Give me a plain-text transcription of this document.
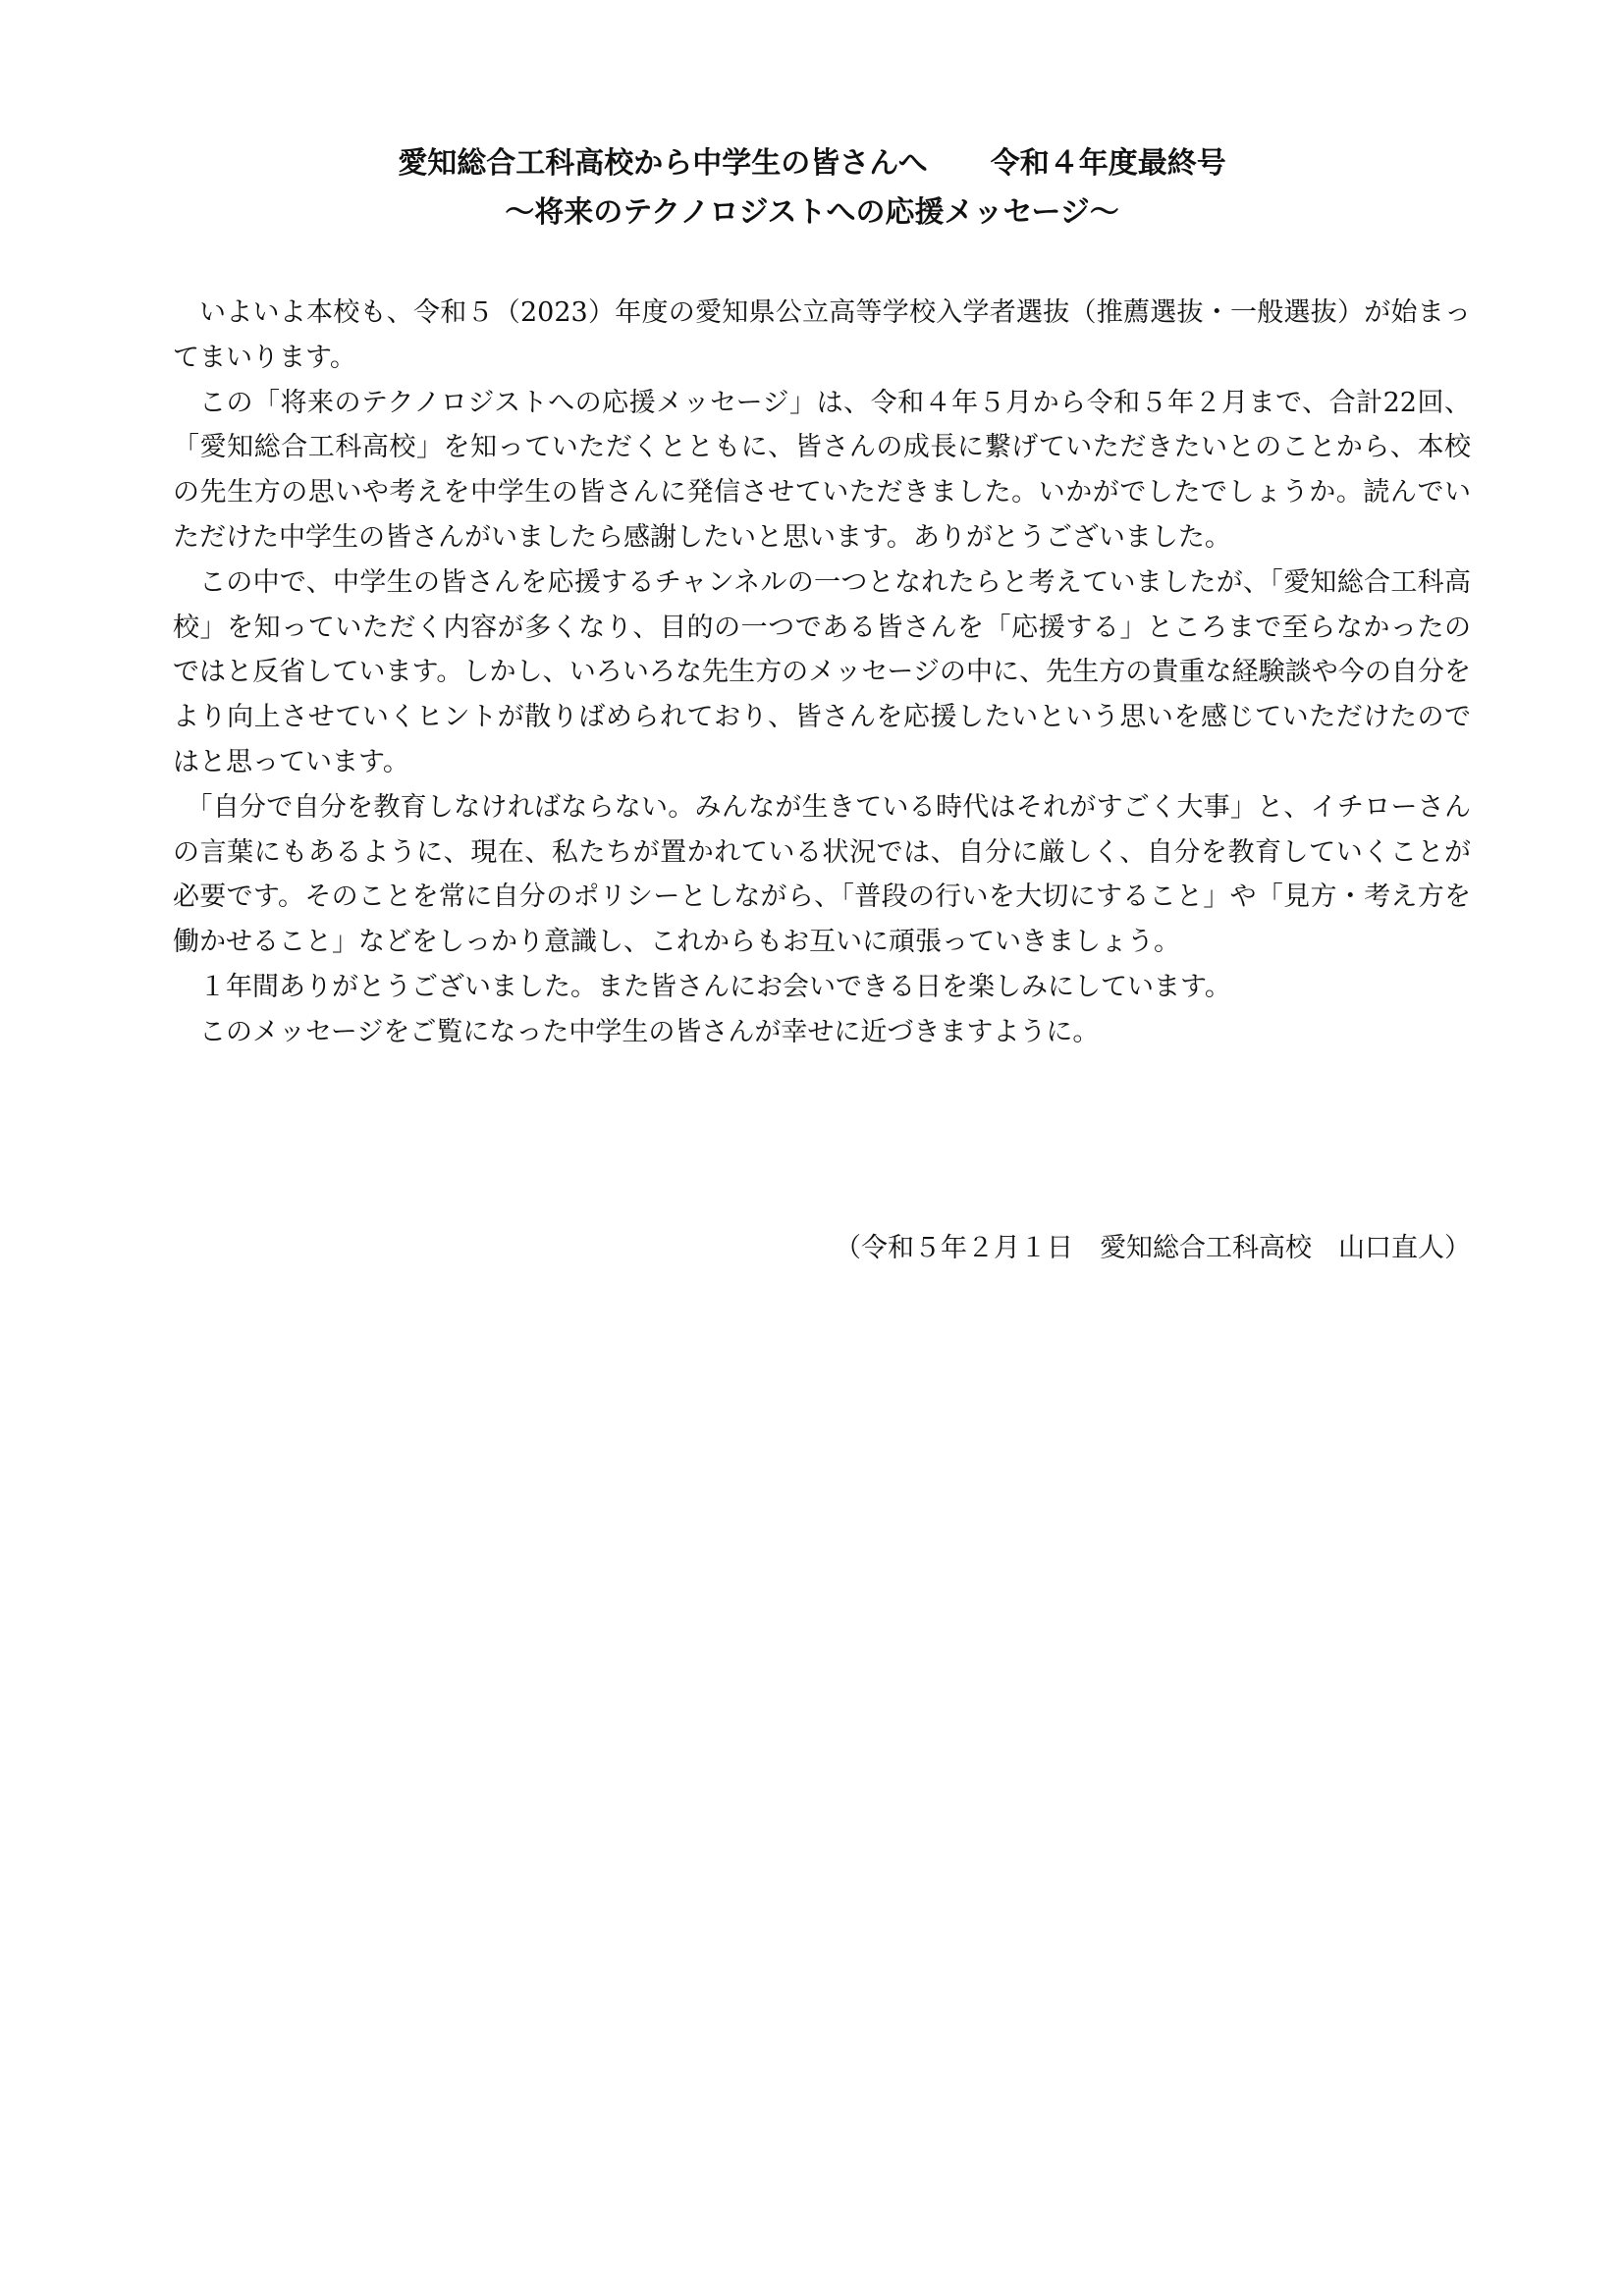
愛知総合工科高校から中学生の皆さんへ 令和４年度最終号
～将来のテクノロジストへの応援メッセージ～

いよいよ本校も、令和５（2023）年度の愛知県公立高等学校入学者選抜（推薦選抜・一般選抜）が始まってまいります。

この「将来のテクノロジストへの応援メッセージ」は、令和４年５月から令和５年２月まで、合計22回、「愛知総合工科高校」を知っていただくとともに、皆さんの成長に繋げていただきたいとのことから、本校の先生方の思いや考えを中学生の皆さんに発信させていただきました。いかがでしたでしょうか。読んでいただけた中学生の皆さんがいましたら感謝したいと思います。ありがとうございました。

この中で、中学生の皆さんを応援するチャンネルの一つとなれたらと考えていましたが、「愛知総合工科高校」を知っていただく内容が多くなり、目的の一つである皆さんを「応援する」ところまで至らなかったのではと反省しています。しかし、いろいろな先生方のメッセージの中に、先生方の貴重な経験談や今の自分をより向上させていくヒントが散りばめられており、皆さんを応援したいという思いを感じていただけたのではと思っています。

「自分で自分を教育しなければならない。みんなが生きている時代はそれがすごく大事」と、イチローさんの言葉にもあるように、現在、私たちが置かれている状況では、自分に厳しく、自分を教育していくことが必要です。そのことを常に自分のポリシーとしながら、「普段の行いを大切にすること」や「見方・考え方を働かせること」などをしっかり意識し、これからもお互いに頑張っていきましょう。

１年間ありがとうございました。また皆さんにお会いできる日を楽しみにしています。

このメッセージをご覧になった中学生の皆さんが幸せに近づきますように。

（令和５年２月１日　愛知総合工科高校　山口直人）
